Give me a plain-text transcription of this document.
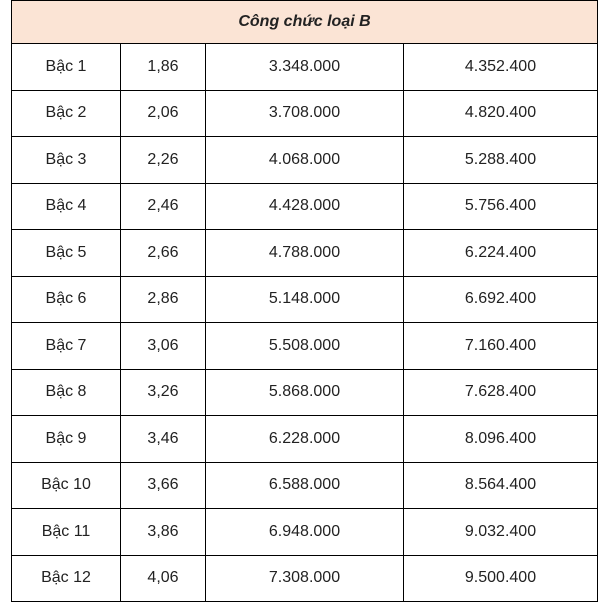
Công chức loại B			
Bậc 1	1,86	3.348.000	4.352.400
Bậc 2	2,06	3.708.000	4.820.400
Bậc 3	2,26	4.068.000	5.288.400
Bậc 4	2,46	4.428.000	5.756.400
Bậc 5	2,66	4.788.000	6.224.400
Bậc 6	2,86	5.148.000	6.692.400
Bậc 7	3,06	5.508.000	7.160.400
Bậc 8	3,26	5.868.000	7.628.400
Bậc 9	3,46	6.228.000	8.096.400
Bậc 10	3,66	6.588.000	8.564.400
Bậc 11	3,86	6.948.000	9.032.400
Bậc 12	4,06	7.308.000	9.500.400
